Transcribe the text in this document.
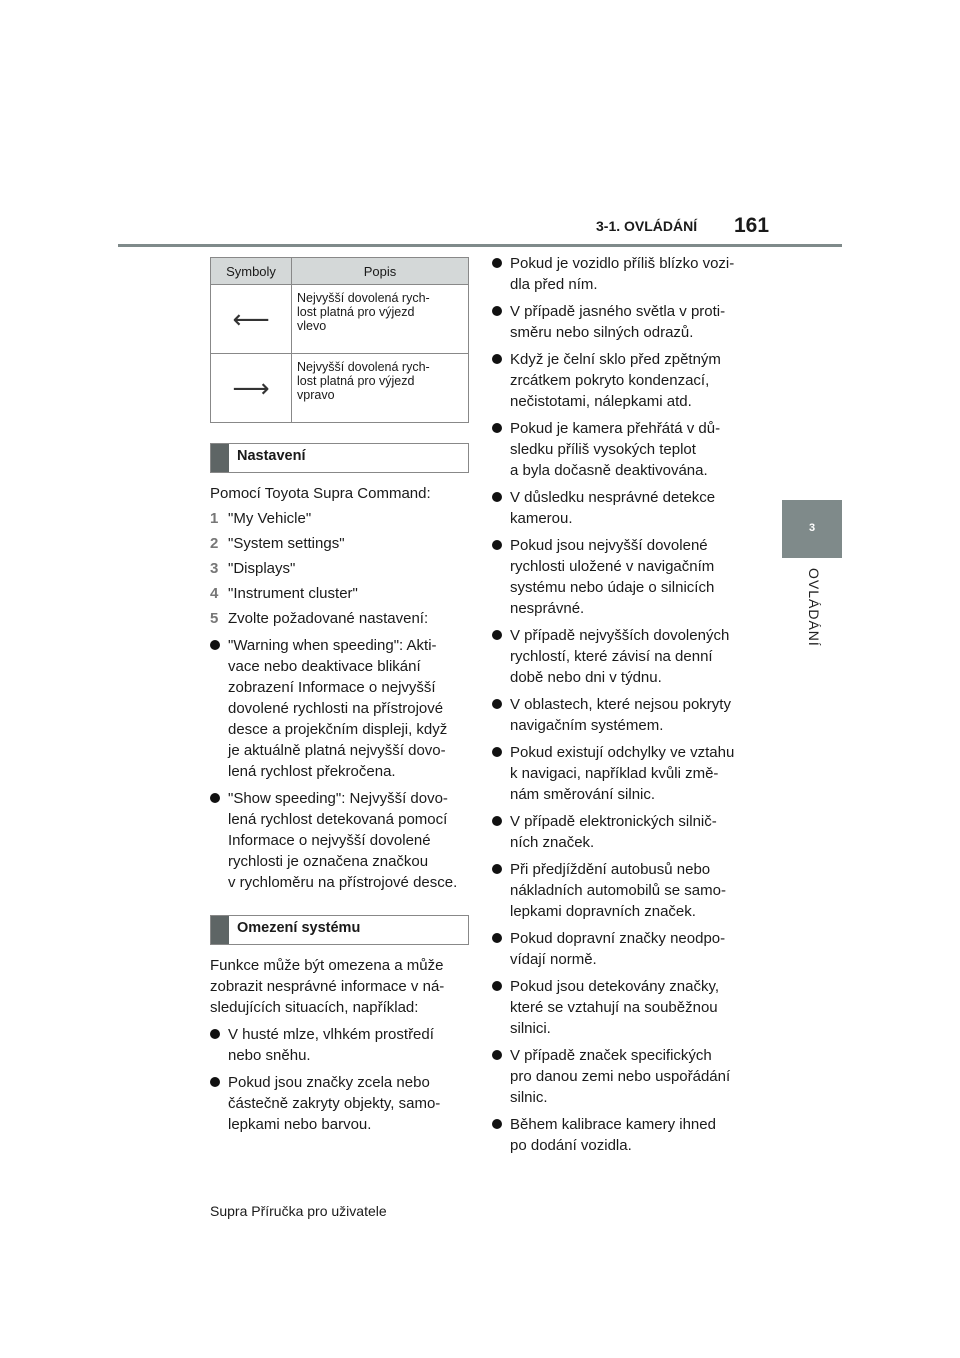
3-1. OVLÁDÁNÍ 161
3
OVLÁDÁNÍ
Symboly	Popis
⟵	Nejvyšší dovolená rych-
lost platná pro výjezd
vlevo
⟶	Nejvyšší dovolená rych-
lost platná pro výjezd
vpravo
Nastavení

Pomocí Toyota Supra Command:

1 "My Vehicle"
2 "System settings"
3 "Displays"
4 "Instrument cluster"
5 Zvolte požadované nastavení:
"Warning when speeding": Akti-
vace nebo deaktivace blikání
zobrazení Informace o nejvyšší
dovolené rychlosti na přístrojové
desce a projekčním displeji, když
je aktuálně platná nejvyšší dovo-
lená rychlost překročena.
"Show speeding": Nejvyšší dovo-
lená rychlost detekovaná pomocí
Informace o nejvyšší dovolené
rychlosti je označena značkou
v rychloměru na přístrojové desce.
Omezení systému

Funkce může být omezena a může
zobrazit nesprávné informace v ná-
sledujících situacích, například:

V husté mlze, vlhkém prostředí
nebo sněhu.
Pokud jsou značky zcela nebo
částečně zakryty objekty, samo-
lepkami nebo barvou.
Pokud je vozidlo příliš blízko vozi-
dla před ním.
V případě jasného světla v proti-
směru nebo silných odrazů.
Když je čelní sklo před zpětným
zrcátkem pokryto kondenzací,
nečistotami, nálepkami atd.
Pokud je kamera přehřátá v dů-
sledku příliš vysokých teplot
a byla dočasně deaktivována.
V důsledku nesprávné detekce
kamerou.
Pokud jsou nejvyšší dovolené
rychlosti uložené v navigačním
systému nebo údaje o silnicích
nesprávné.
V případě nejvyšších dovolených
rychlostí, které závisí na denní
době nebo dni v týdnu.
V oblastech, které nejsou pokryty
navigačním systémem.
Pokud existují odchylky ve vztahu
k navigaci, například kvůli změ-
nám směrování silnic.
V případě elektronických silnič-
ních značek.
Při předjíždění autobusů nebo
nákladních automobilů se samo-
lepkami dopravních značek.
Pokud dopravní značky neodpo-
vídají normě.
Pokud jsou detekovány značky,
které se vztahují na souběžnou
silnici.
V případě značek specifických
pro danou zemi nebo uspořádání
silnic.
Během kalibrace kamery ihned
po dodání vozidla.
Supra Příručka pro uživatele
